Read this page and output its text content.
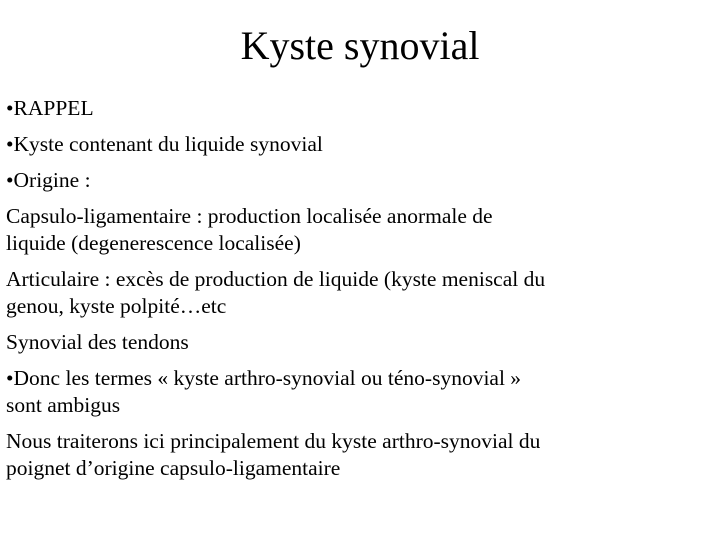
Kyste synovial

•RAPPEL

•Kyste contenant du liquide synovial

•Origine :

Capsulo-ligamentaire : production localisée anormale de
liquide (degenerescence localisée)

Articulaire : excès de production de liquide (kyste meniscal du
genou, kyste polpité…etc

Synovial des tendons

•Donc les termes « kyste arthro-synovial ou téno-synovial »
sont ambigus

Nous traiterons ici principalement du kyste arthro-synovial du
poignet d’origine capsulo-ligamentaire
